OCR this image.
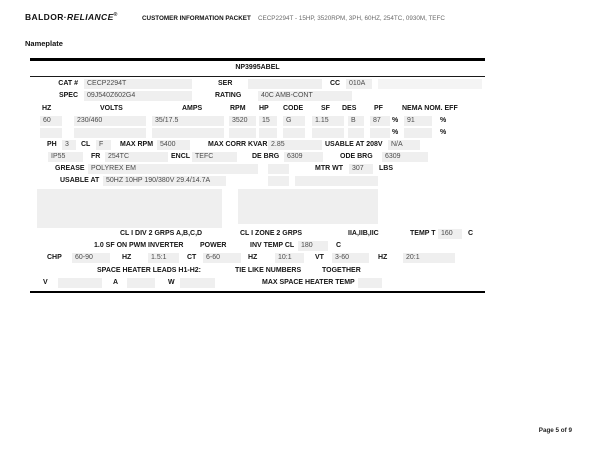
BALDOR·RELIANCE®	CUSTOMER INFORMATION PACKET CECP2294T - 15HP, 3520RPM, 3PH, 60HZ, 254TC, 0930M, TEFC
Nameplate
NP3995ABEL
CAT #	CECP2294T	SER	CC	010A
SPEC	09J540Z602G4	RATING	40C AMB-CONT
HZ	VOLTS	AMPS	RPM HP CODE	SF DES	PF	NEMA NOM. EFF
60	230/460	35/17.5	3520	15	G	1.15	B	87	%	91	%
%	%
PH	3	CL	F	MAX RPM 5400	MAX CORR KVAR 2.85	USABLE AT 208V	N/A
IP55	FR	254TC	ENCL TEFC	DE BRG	6309	ODE BRG	6309
GREASE POLYREX EM	MTR WT	307	LBS
USABLE AT 50HZ 10HP 190/380V 29.4/14.7A
CL I DIV 2 GRPS A,B,C,D	CL I ZONE 2 GRPS	IIA,IIB,IIC	TEMP T 160	C
1.0 SF ON PWM INVERTER POWER	INV TEMP CL 180	C
CHP	60-90	HZ	1.5:1	CT	6-60	HZ	10:1	VT	3-60	HZ	20:1
SPACE HEATER LEADS H1-H2:	TIE LIKE NUMBERS	TOGETHER
V	A	W	MAX SPACE HEATER TEMP
Page 5 of 9
